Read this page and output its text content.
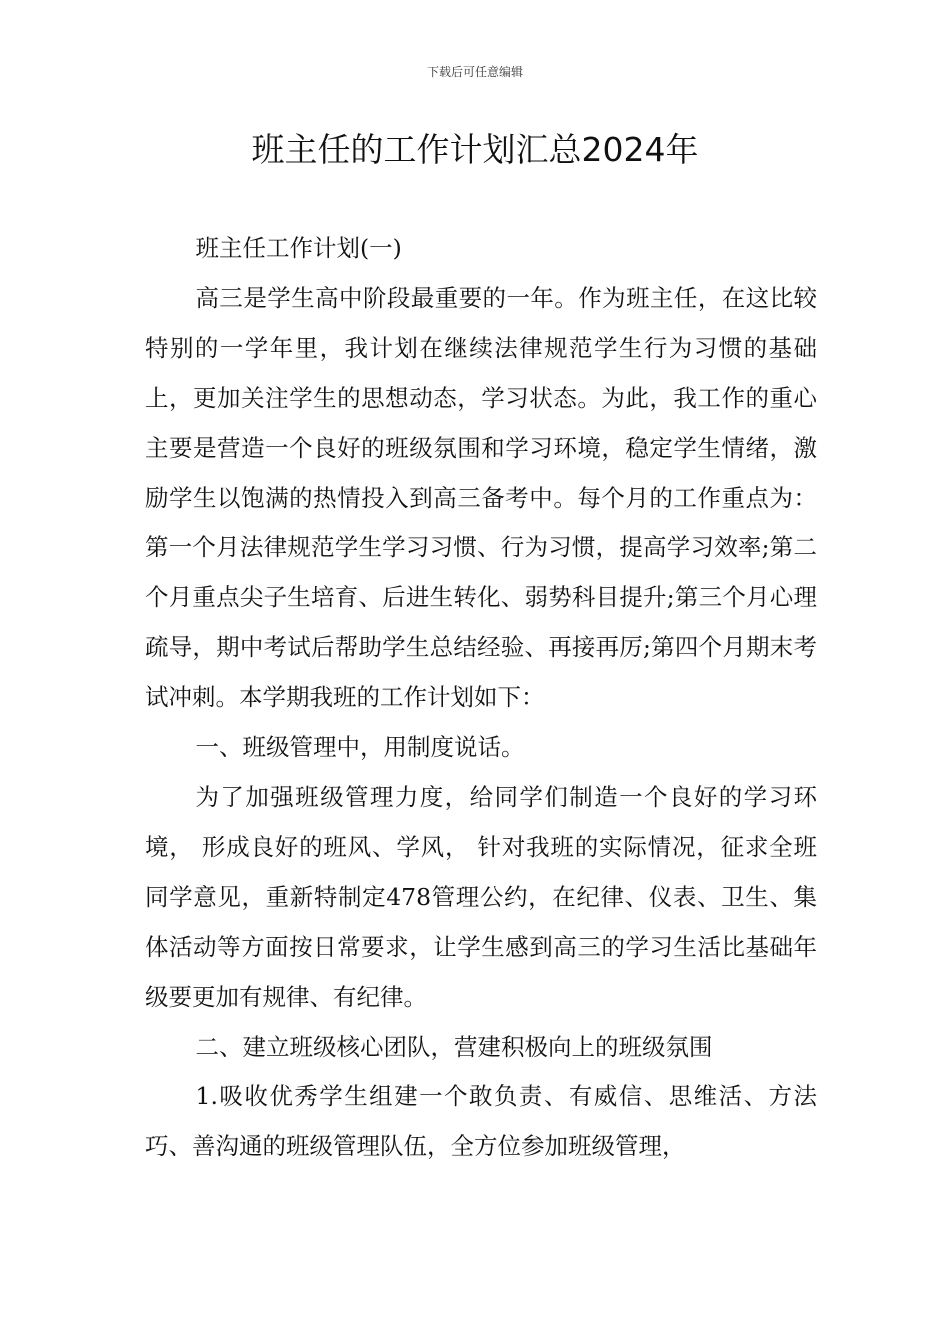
下载后可任意编辑
班主任的工作计划汇总2024年

班主任工作计划(一)

高三是学生高中阶段最重要的一年。作为班主任，在这比较特别的一学年里，我计划在继续法律规范学生行为习惯的基础上，更加关注学生的思想动态，学习状态。为此，我工作的重心主要是营造一个良好的班级氛围和学习环境，稳定学生情绪，激励学生以饱满的热情投入到高三备考中。每个月的工作重点为：第一个月法律规范学生学习习惯、行为习惯，提高学习效率;第二个月重点尖子生培育、后进生转化、弱势科目提升;第三个月心理疏导，期中考试后帮助学生总结经验、再接再厉;第四个月期末考试冲刺。本学期我班的工作计划如下：

一、班级管理中，用制度说话。

为了加强班级管理力度，给同学们制造一个良好的学习环境， 形成良好的班风、学风， 针对我班的实际情况，征求全班同学意见，重新特制定478管理公约，在纪律、仪表、卫生、集体活动等方面按日常要求，让学生感到高三的学习生活比基础年级要更加有规律、有纪律。

二、建立班级核心团队，营建积极向上的班级氛围

1.吸收优秀学生组建一个敢负责、有威信、思维活、方法巧、善沟通的班级管理队伍，全方位参加班级管理，
